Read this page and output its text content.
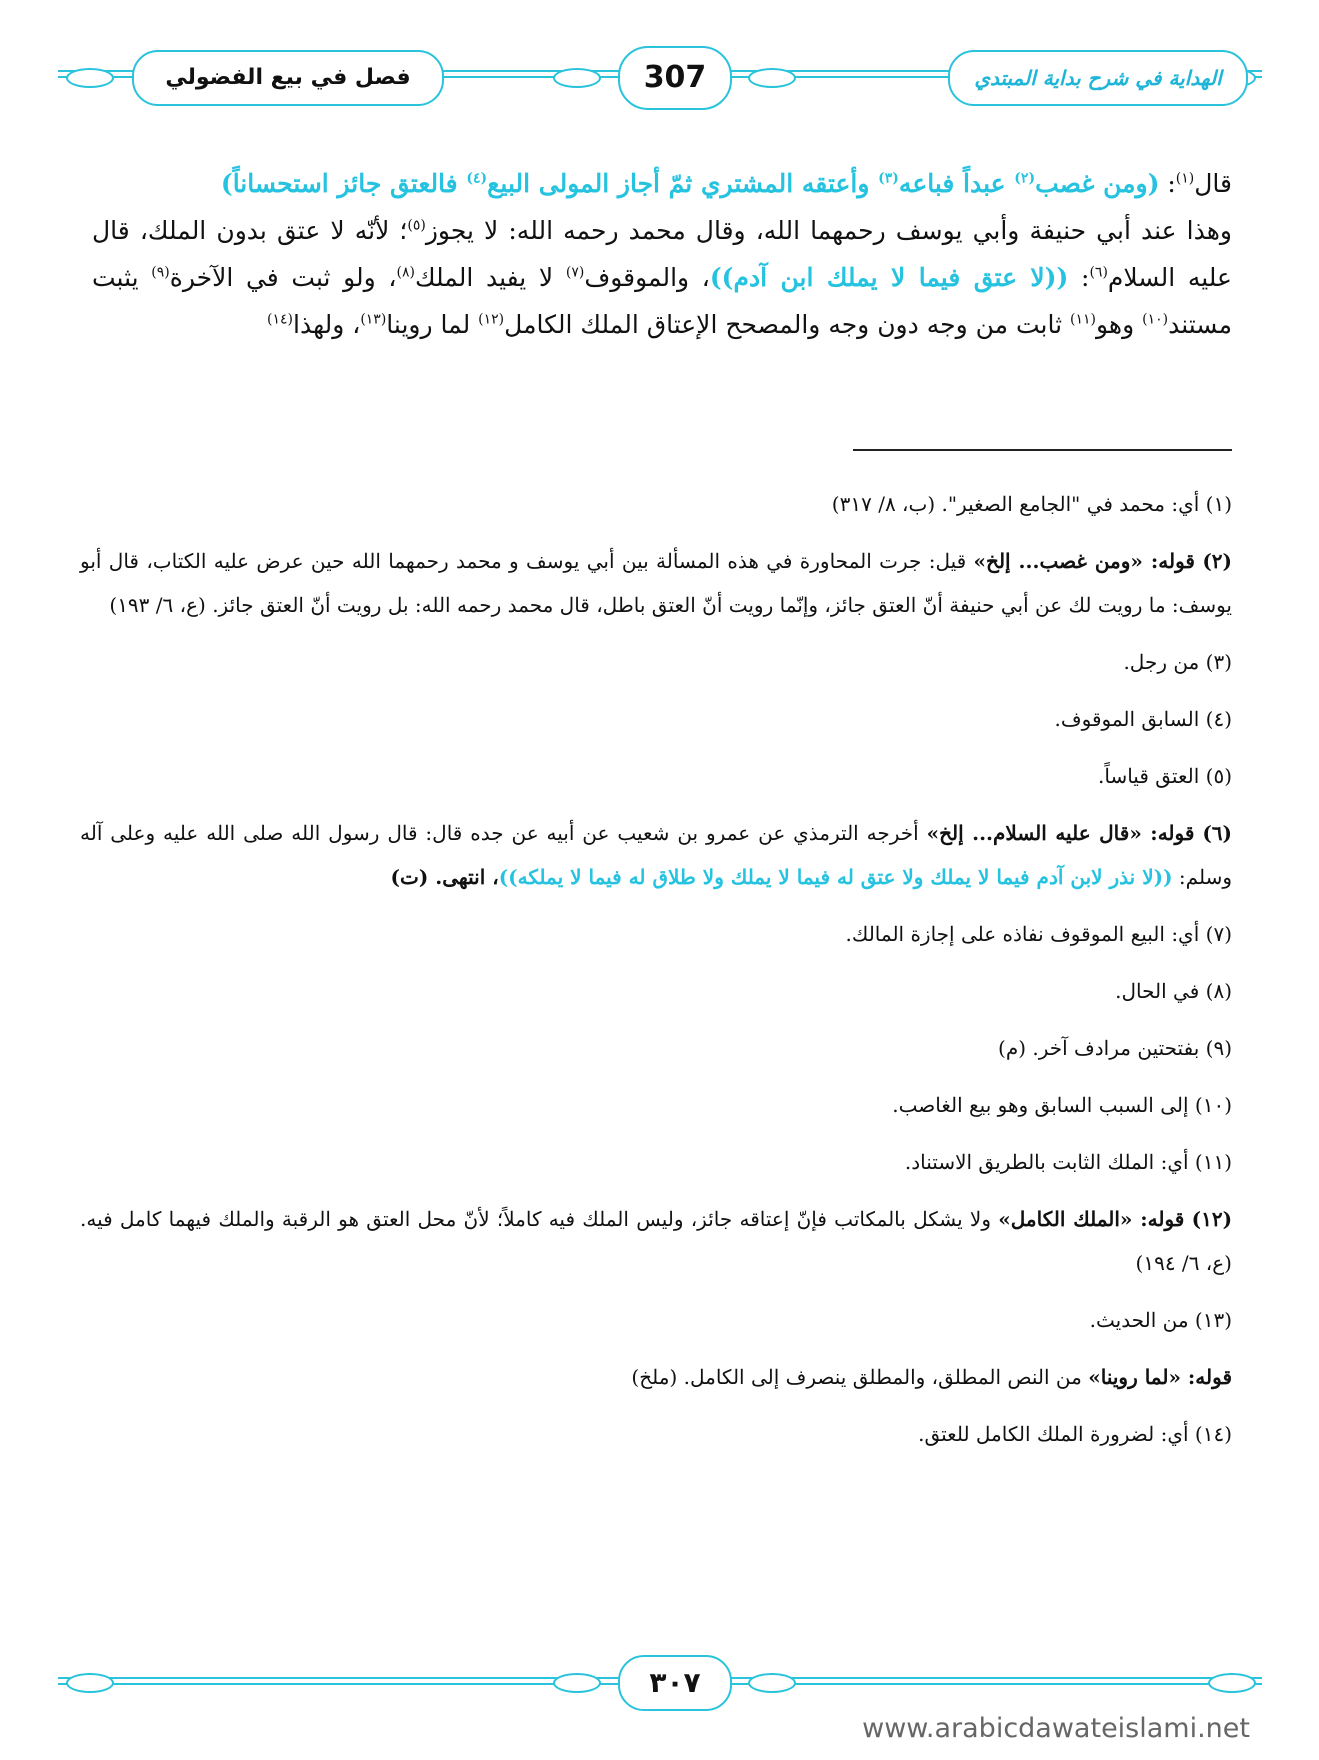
فصل في بيع الفضولي	307	الهداية في شرح بداية المبتدي

قال$^{(١)}$: (ومن غصب$^{(٢)}$ عبداً فباعه$^{(٣)}$ وأعتقه المشتري ثمّ أجاز المولى البيع$^{(٤)}$ فالعتق جائز استحساناً)

وهذا عند أبي حنيفة وأبي يوسف رحمهما الله، وقال محمد رحمه الله: لا يجوز$^{(٥)}$؛ لأنّه لا عتق بدون الملك، قال عليه السلام$^{(٦)}$: ((لا عتق فيما لا يملك ابن آدم))، والموقوف$^{(٧)}$ لا يفيد الملك$^{(٨)}$، ولو ثبت في الآخرة$^{(٩)}$ يثبت مستند$^{(١٠)}$ وهو$^{(١١)}$ ثابت من وجه دون وجه والمصحح الإعتاق الملك الكامل$^{(١٢)}$ لما روينا$^{(١٣)}$، ولهذا$^{(١٤)}$

(١) أي: محمد في "الجامع الصغير". (ب، ٨/ ٣١٧)

(٢) قوله: «ومن غصب... إلخ» قيل: جرت المحاورة في هذه المسألة بين أبي يوسف و محمد رحمهما الله حين عرض عليه الكتاب، قال أبو يوسف: ما رويت لك عن أبي حنيفة أنّ العتق جائز، وإنّما رويت أنّ العتق باطل، قال محمد رحمه الله: بل رويت أنّ العتق جائز. (ع، ٦/ ١٩٣)

(٣) من رجل.

(٤) السابق الموقوف.

(٥) العتق قياساً.

(٦) قوله: «قال عليه السلام... إلخ» أخرجه الترمذي عن عمرو بن شعيب عن أبيه عن جده قال: قال رسول الله صلى الله عليه وعلى آله وسلم: ((لا نذر لابن آدم فيما لا يملك ولا عتق له فيما لا يملك ولا طلاق له فيما لا يملكه))، انتهى. (ت)

(٧) أي: البيع الموقوف نفاذه على إجازة المالك.

(٨) في الحال.

(٩) بفتحتين مرادف آخر. (م)

(١٠) إلى السبب السابق وهو بيع الغاصب.

(١١) أي: الملك الثابت بالطريق الاستناد.

(١٢) قوله: «الملك الكامل» ولا يشكل بالمكاتب فإنّ إعتاقه جائز، وليس الملك فيه كاملاً؛ لأنّ محل العتق هو الرقبة والملك فيهما كامل فيه. (ع، ٦/ ١٩٤)

(١٣) من الحديث.

قوله: «لما روينا» من النص المطلق، والمطلق ينصرف إلى الكامل. (ملخ)

(١٤) أي: لضرورة الملك الكامل للعتق.

٣٠٧
www.arabicdawateislami.net
